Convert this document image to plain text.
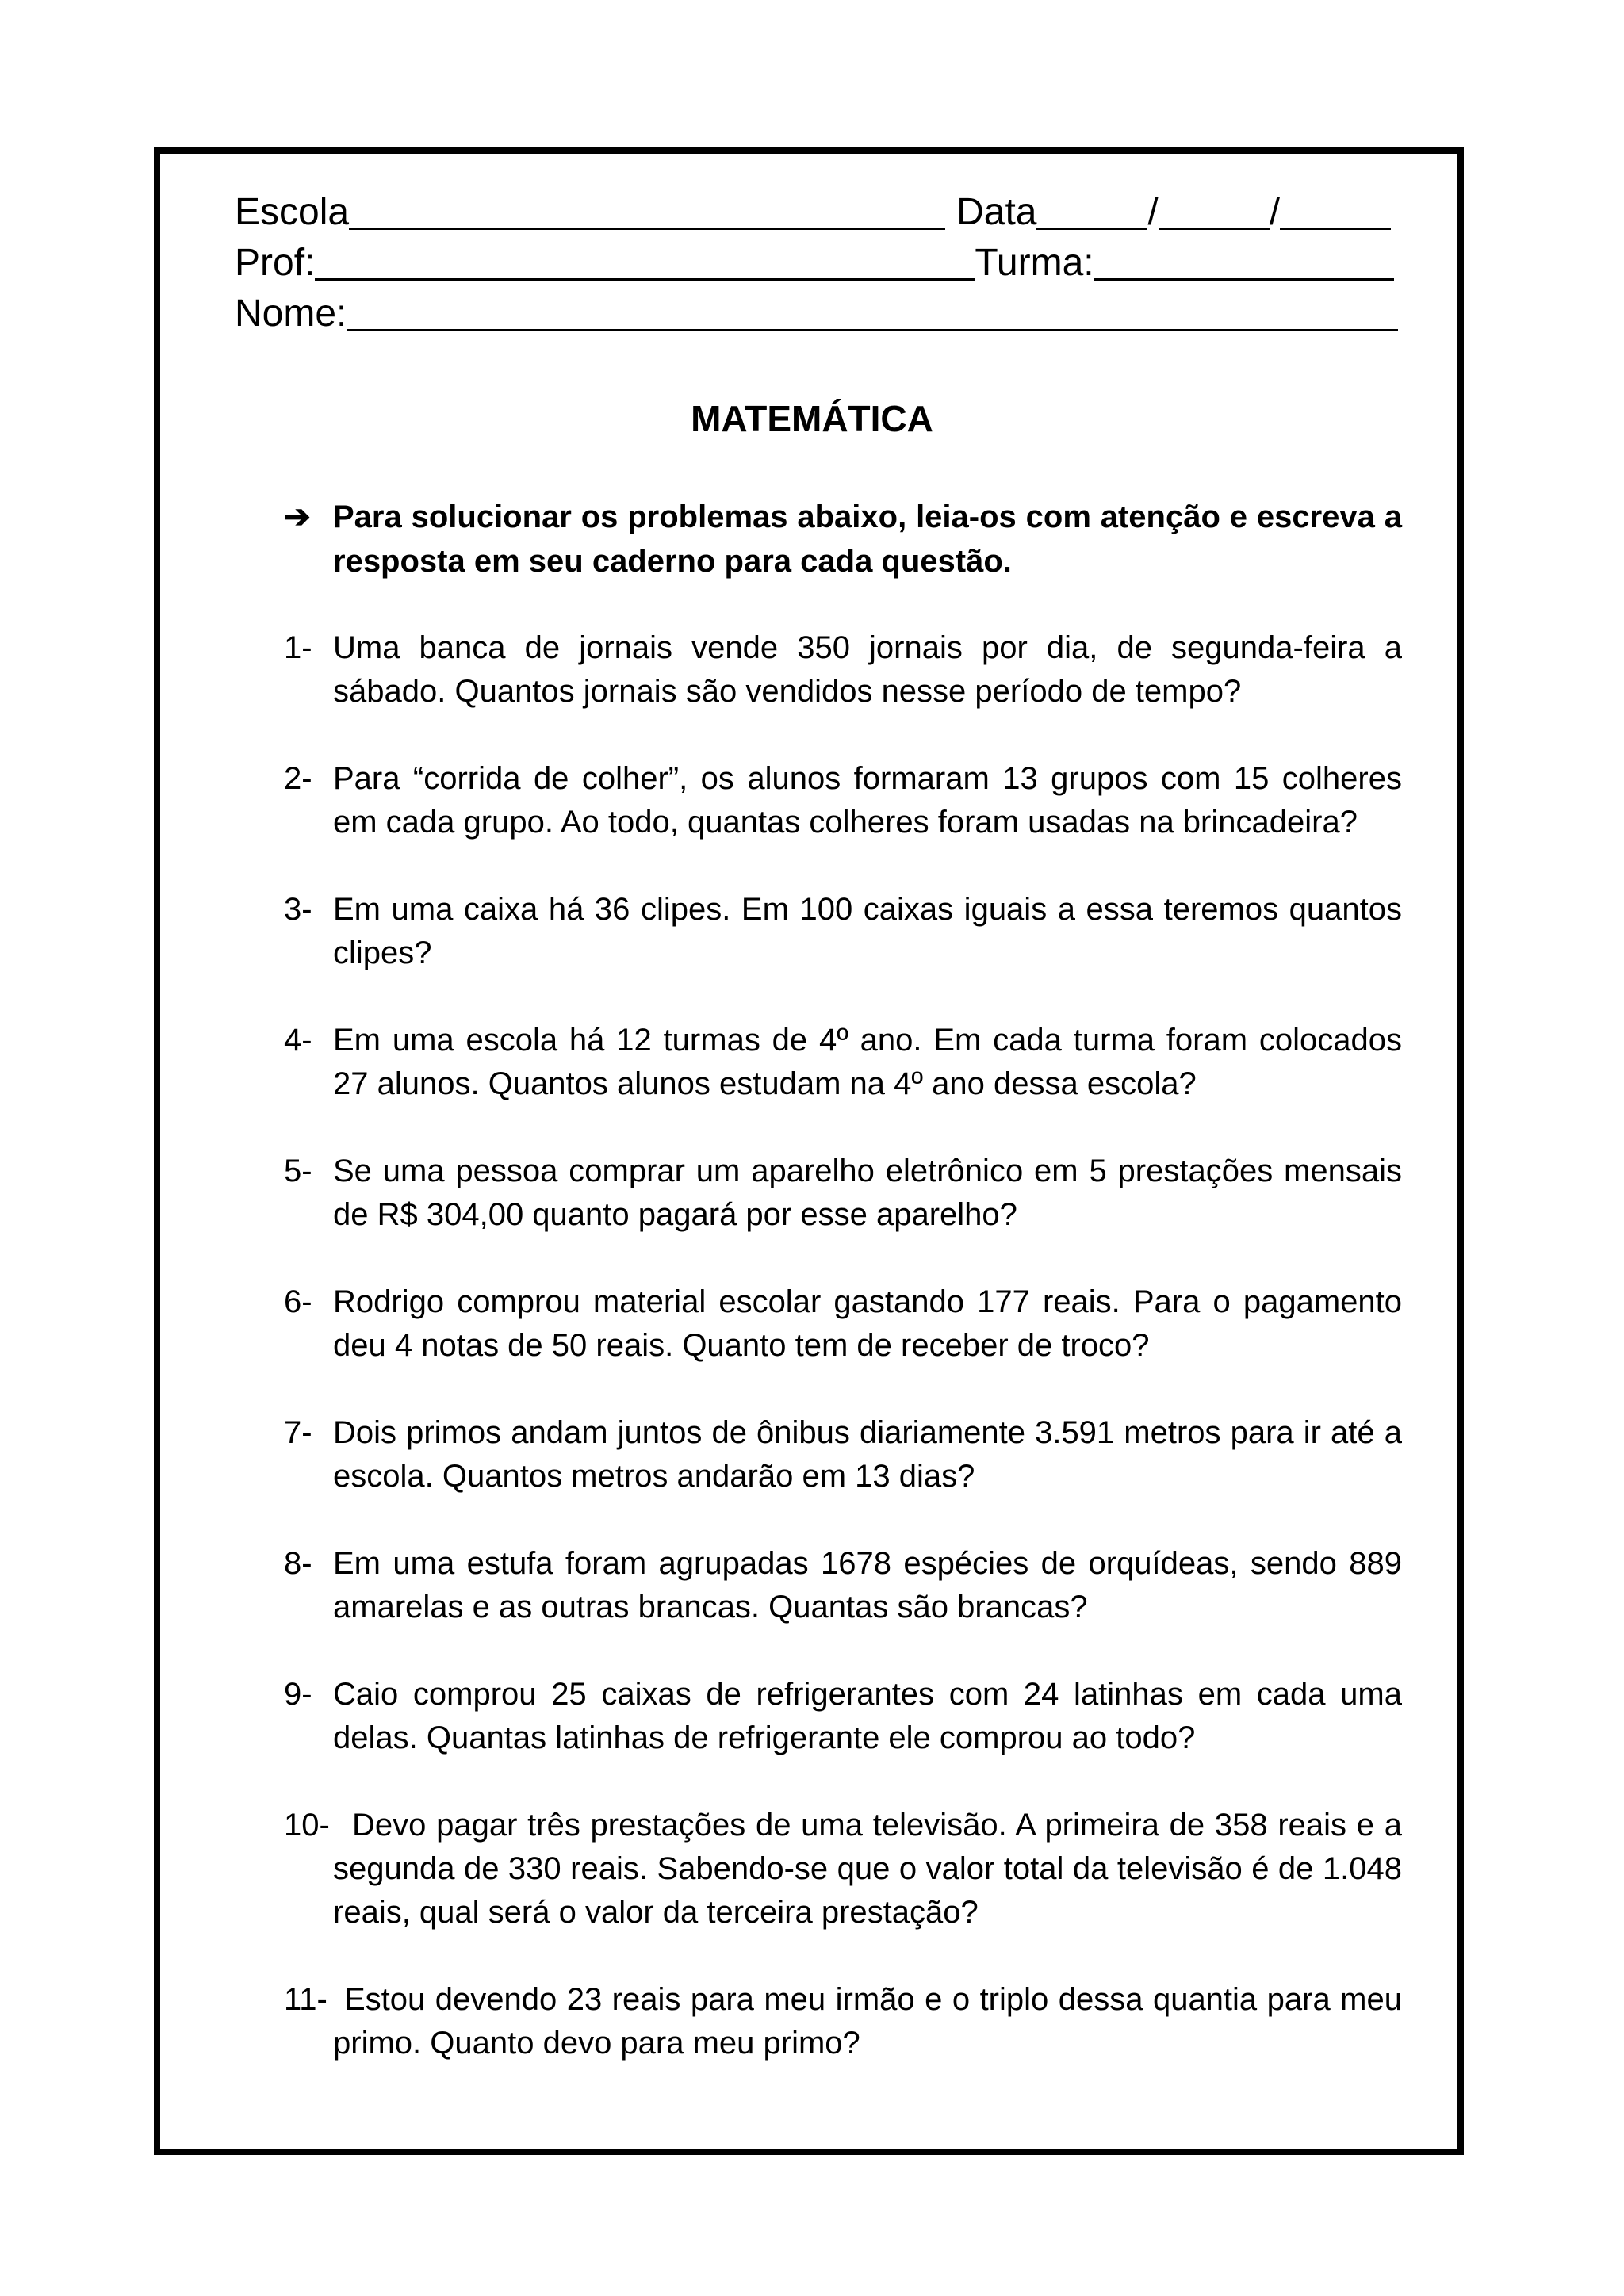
Escola	Data	/	/
Prof:	Turma:
Nome:
MATEMÁTICA
➔ Para solucionar os problemas abaixo, leia-os com atenção e escreva a resposta em seu caderno para cada questão.
1- Uma banca de jornais vende 350 jornais por dia, de segunda-feira a sábado. Quantos jornais são vendidos nesse período de tempo?
2- Para “corrida de colher”, os alunos formaram 13 grupos com 15 colheres em cada grupo. Ao todo, quantas colheres foram usadas na brincadeira?
3- Em uma caixa há 36 clipes. Em 100 caixas iguais a essa teremos quantos clipes?
4- Em uma escola há 12 turmas de 4º ano. Em cada turma foram colocados 27 alunos. Quantos alunos estudam na 4º ano dessa escola?
5- Se uma pessoa comprar um aparelho eletrônico em 5 prestações mensais de R$ 304,00 quanto pagará por esse aparelho?
6- Rodrigo comprou material escolar gastando 177 reais. Para o pagamento deu 4 notas de 50 reais. Quanto tem de receber de troco?
7- Dois primos andam juntos de ônibus diariamente 3.591 metros para ir até a escola. Quantos metros andarão em 13 dias?
8- Em uma estufa foram agrupadas 1678 espécies de orquídeas, sendo 889 amarelas e as outras brancas. Quantas são brancas?
9- Caio comprou 25 caixas de refrigerantes com 24 latinhas em cada uma delas. Quantas latinhas de refrigerante ele comprou ao todo?
10- Devo pagar três prestações de uma televisão. A primeira de 358 reais e a segunda de 330 reais. Sabendo-se que o valor total da televisão é de 1.048 reais, qual será o valor da terceira prestação?
11- Estou devendo 23 reais para meu irmão e o triplo dessa quantia para meu primo. Quanto devo para meu primo?
